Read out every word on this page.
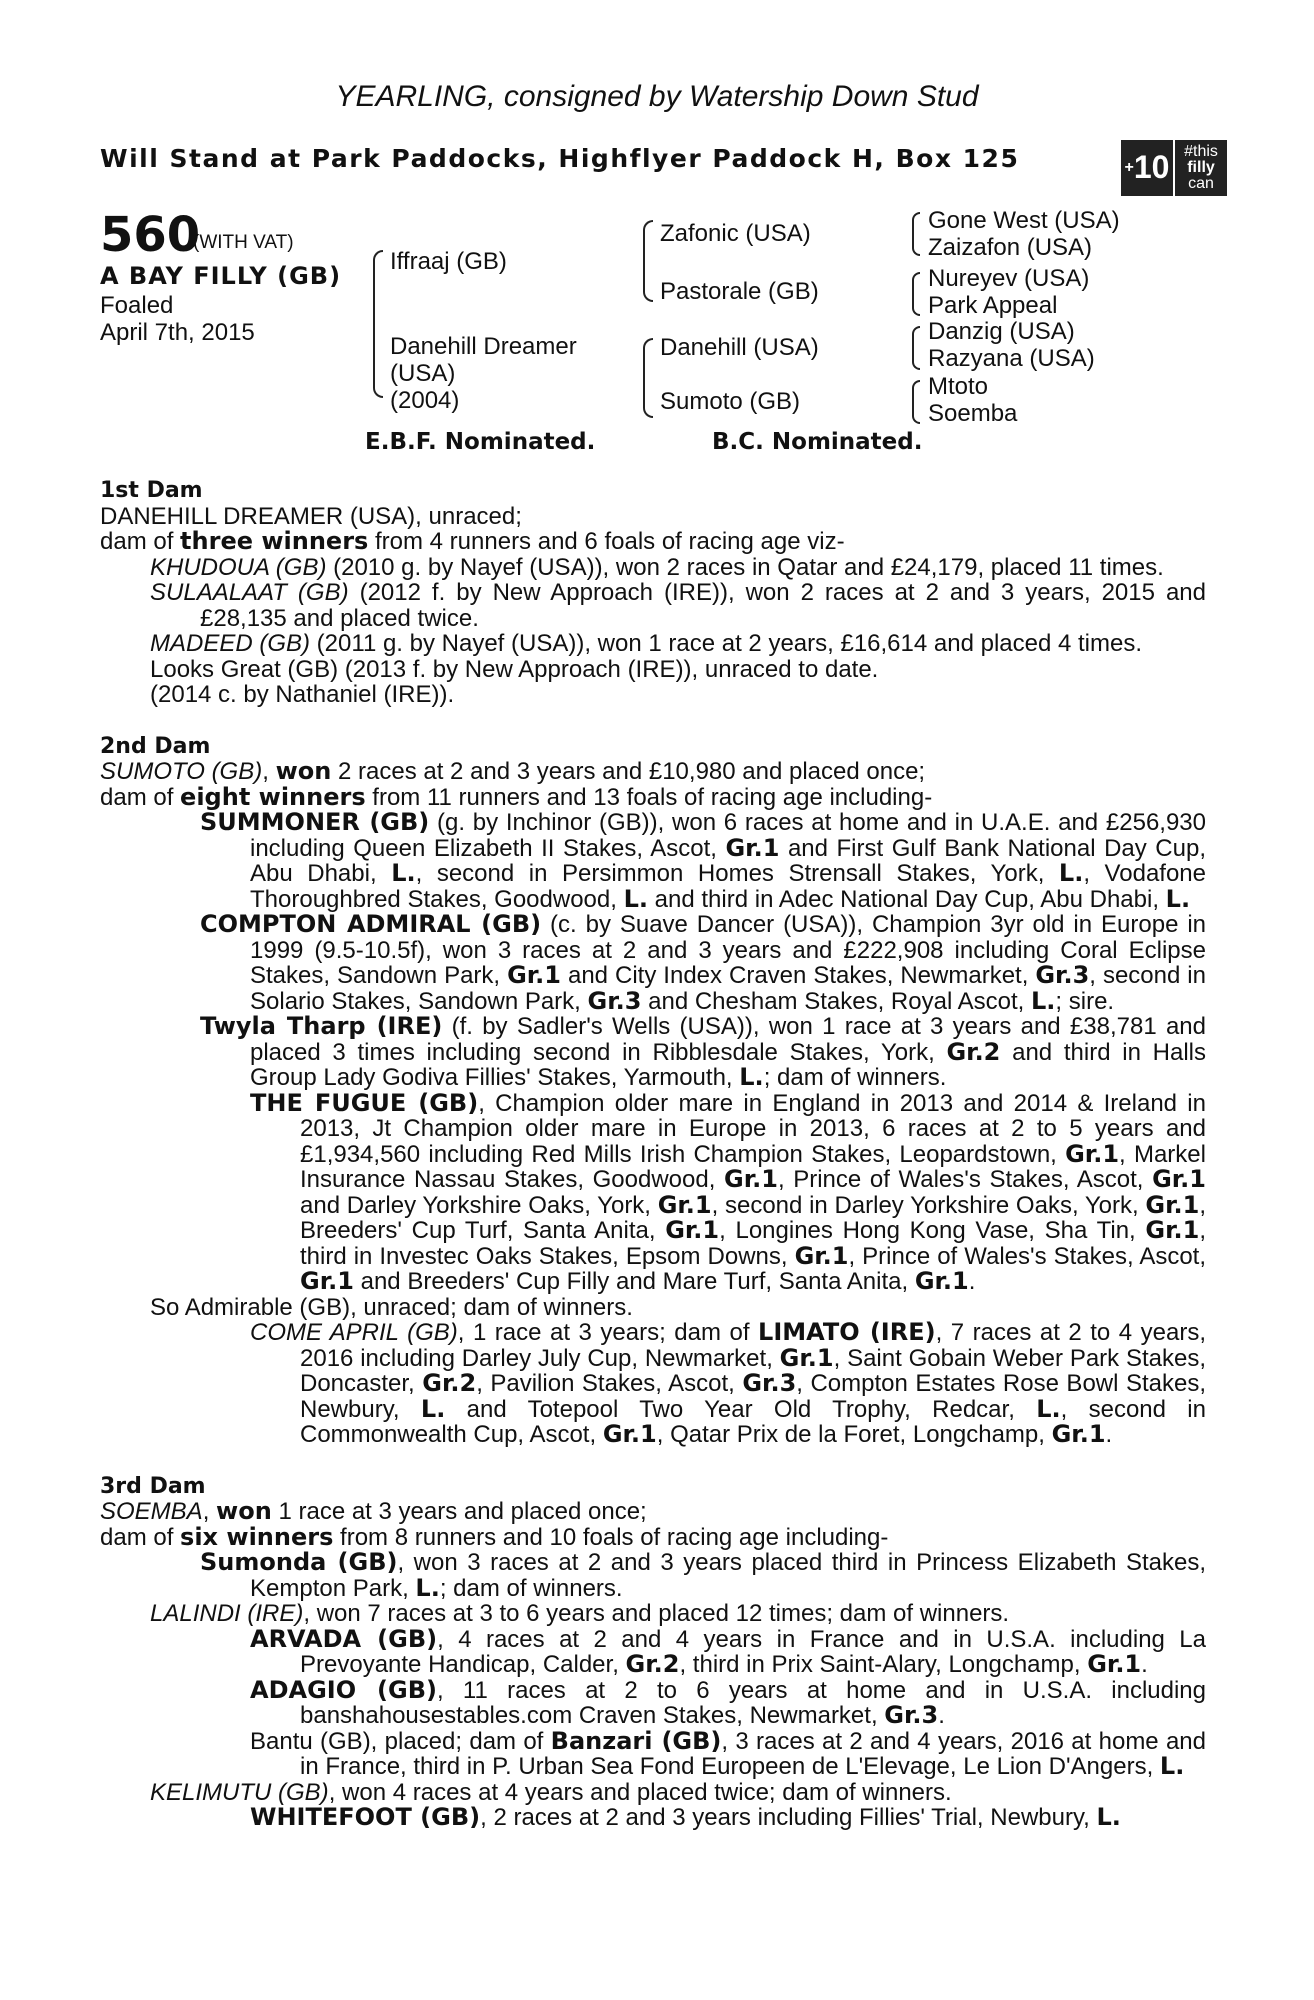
YEARLING, consigned by Watership Down Stud
Will Stand at Park Paddocks, Highflyer Paddock H, Box 125	+ 10 #this
filly
can
560
(WITH VAT)
A BAY FILLY (GB)
Foaled
April 7th, 2015
Iffraaj (GB)
Danehill Dreamer
(USA)
(2004)
Zafonic (USA)
Pastorale (GB)
Danehill (USA)
Sumoto (GB)
Gone West (USA)
Zaizafon (USA)
Nureyev (USA)
Park Appeal
Danzig (USA)
Razyana (USA)
Mtoto
Soemba
E.B.F. Nominated.	B.C. Nominated.
1st Dam
DANEHILL DREAMER (USA), unraced;
dam of three winners from 4 runners and 6 foals of racing age viz-
KHUDOUA (GB) (2010 g. by Nayef (USA)), won 2 races in Qatar and £24,179, placed 11 times.
SULAALAAT (GB) (2012 f. by New Approach (IRE)), won 2 races at 2 and 3 years, 2015 and £28,135 and placed twice.
MADEED (GB) (2011 g. by Nayef (USA)), won 1 race at 2 years, £16,614 and placed 4 times.
Looks Great (GB) (2013 f. by New Approach (IRE)), unraced to date.
(2014 c. by Nathaniel (IRE)).
2nd Dam
SUMOTO (GB), won 2 races at 2 and 3 years and £10,980 and placed once;
dam of eight winners from 11 runners and 13 foals of racing age including-
SUMMONER (GB) (g. by Inchinor (GB)), won 6 races at home and in U.A.E. and £256,930 including Queen Elizabeth II Stakes, Ascot, Gr.1 and First Gulf Bank National Day Cup, Abu Dhabi, L., second in Persimmon Homes Strensall Stakes, York, L., Vodafone Thoroughbred Stakes, Goodwood, L. and third in Adec National Day Cup, Abu Dhabi, L.
COMPTON ADMIRAL (GB) (c. by Suave Dancer (USA)), Champion 3yr old in Europe in 1999 (9.5-10.5f), won 3 races at 2 and 3 years and £222,908 including Coral Eclipse Stakes, Sandown Park, Gr.1 and City Index Craven Stakes, Newmarket, Gr.3, second in Solario Stakes, Sandown Park, Gr.3 and Chesham Stakes, Royal Ascot, L.; sire.
Twyla Tharp (IRE) (f. by Sadler's Wells (USA)), won 1 race at 3 years and £38,781 and placed 3 times including second in Ribblesdale Stakes, York, Gr.2 and third in Halls Group Lady Godiva Fillies' Stakes, Yarmouth, L.; dam of winners.
THE FUGUE (GB), Champion older mare in England in 2013 and 2014 & Ireland in 2013, Jt Champion older mare in Europe in 2013, 6 races at 2 to 5 years and £1,934,560 including Red Mills Irish Champion Stakes, Leopardstown, Gr.1, Markel Insurance Nassau Stakes, Goodwood, Gr.1, Prince of Wales's Stakes, Ascot, Gr.1 and Darley Yorkshire Oaks, York, Gr.1, second in Darley Yorkshire Oaks, York, Gr.1, Breeders' Cup Turf, Santa Anita, Gr.1, Longines Hong Kong Vase, Sha Tin, Gr.1, third in Investec Oaks Stakes, Epsom Downs, Gr.1, Prince of Wales's Stakes, Ascot, Gr.1 and Breeders' Cup Filly and Mare Turf, Santa Anita, Gr.1.
So Admirable (GB), unraced; dam of winners.
COME APRIL (GB), 1 race at 3 years; dam of LIMATO (IRE), 7 races at 2 to 4 years, 2016 including Darley July Cup, Newmarket, Gr.1, Saint Gobain Weber Park Stakes, Doncaster, Gr.2, Pavilion Stakes, Ascot, Gr.3, Compton Estates Rose Bowl Stakes, Newbury, L. and Totepool Two Year Old Trophy, Redcar, L., second in Commonwealth Cup, Ascot, Gr.1, Qatar Prix de la Foret, Longchamp, Gr.1.
3rd Dam
SOEMBA, won 1 race at 3 years and placed once;
dam of six winners from 8 runners and 10 foals of racing age including-
Sumonda (GB), won 3 races at 2 and 3 years placed third in Princess Elizabeth Stakes, Kempton Park, L.; dam of winners.
LALINDI (IRE), won 7 races at 3 to 6 years and placed 12 times; dam of winners.
ARVADA (GB), 4 races at 2 and 4 years in France and in U.S.A. including La Prevoyante Handicap, Calder, Gr.2, third in Prix Saint-Alary, Longchamp, Gr.1.
ADAGIO (GB), 11 races at 2 to 6 years at home and in U.S.A. including banshahousestables.com Craven Stakes, Newmarket, Gr.3.
Bantu (GB), placed; dam of Banzari (GB), 3 races at 2 and 4 years, 2016 at home and in France, third in P. Urban Sea Fond Europeen de L'Elevage, Le Lion D'Angers, L.
KELIMUTU (GB), won 4 races at 4 years and placed twice; dam of winners.
WHITEFOOT (GB), 2 races at 2 and 3 years including Fillies' Trial, Newbury, L.
